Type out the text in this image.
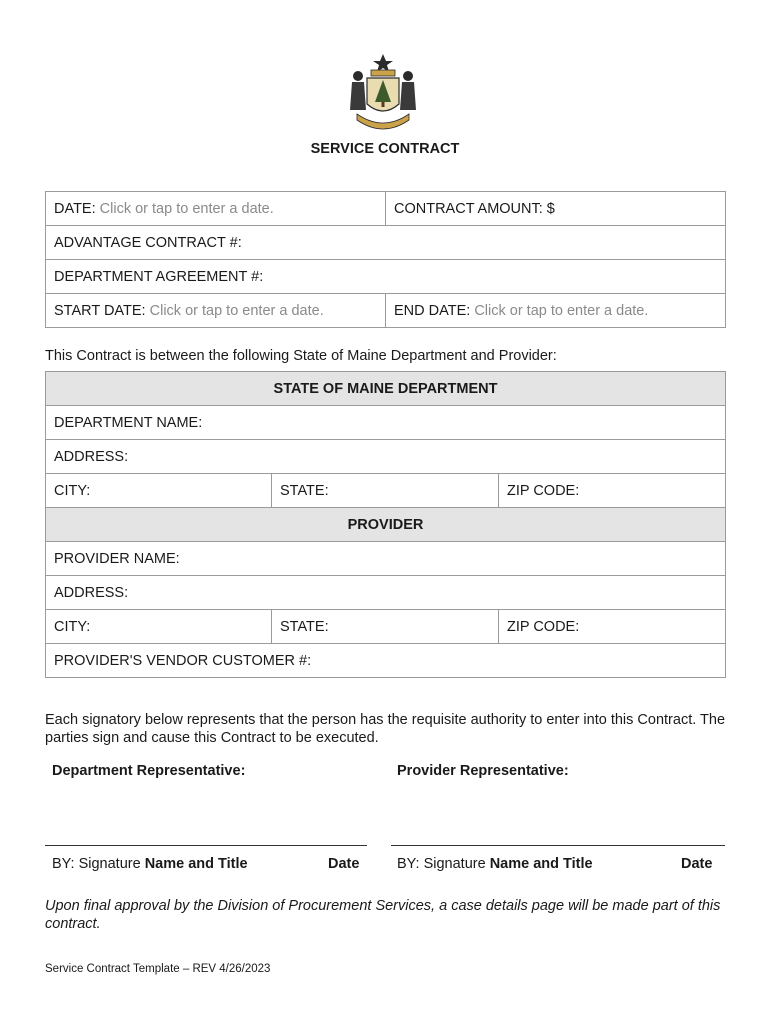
SERVICE CONTRACT
DATE: Click or tap to enter a date.	CONTRACT AMOUNT: $
ADVANTAGE CONTRACT #:	
DEPARTMENT AGREEMENT #:	
START DATE: Click or tap to enter a date.	END DATE: Click or tap to enter a date.
This Contract is between the following State of Maine Department and Provider:
STATE OF MAINE DEPARTMENT		
DEPARTMENT NAME:		
ADDRESS:		
CITY:	STATE:	ZIP CODE:
PROVIDER		
PROVIDER NAME:		
ADDRESS:		
CITY:	STATE:	ZIP CODE:
PROVIDER'S VENDOR CUSTOMER #:		
Each signatory below represents that the person has the requisite authority to enter into this Contract. The parties sign and cause this Contract to be executed.
Department Representative:	Provider Representative:
BY: Signature Name and Title	Date	BY: Signature Name and Title	Date
Upon final approval by the Division of Procurement Services, a case details page will be made part of this contract.
Service Contract Template – REV 4/26/2023
